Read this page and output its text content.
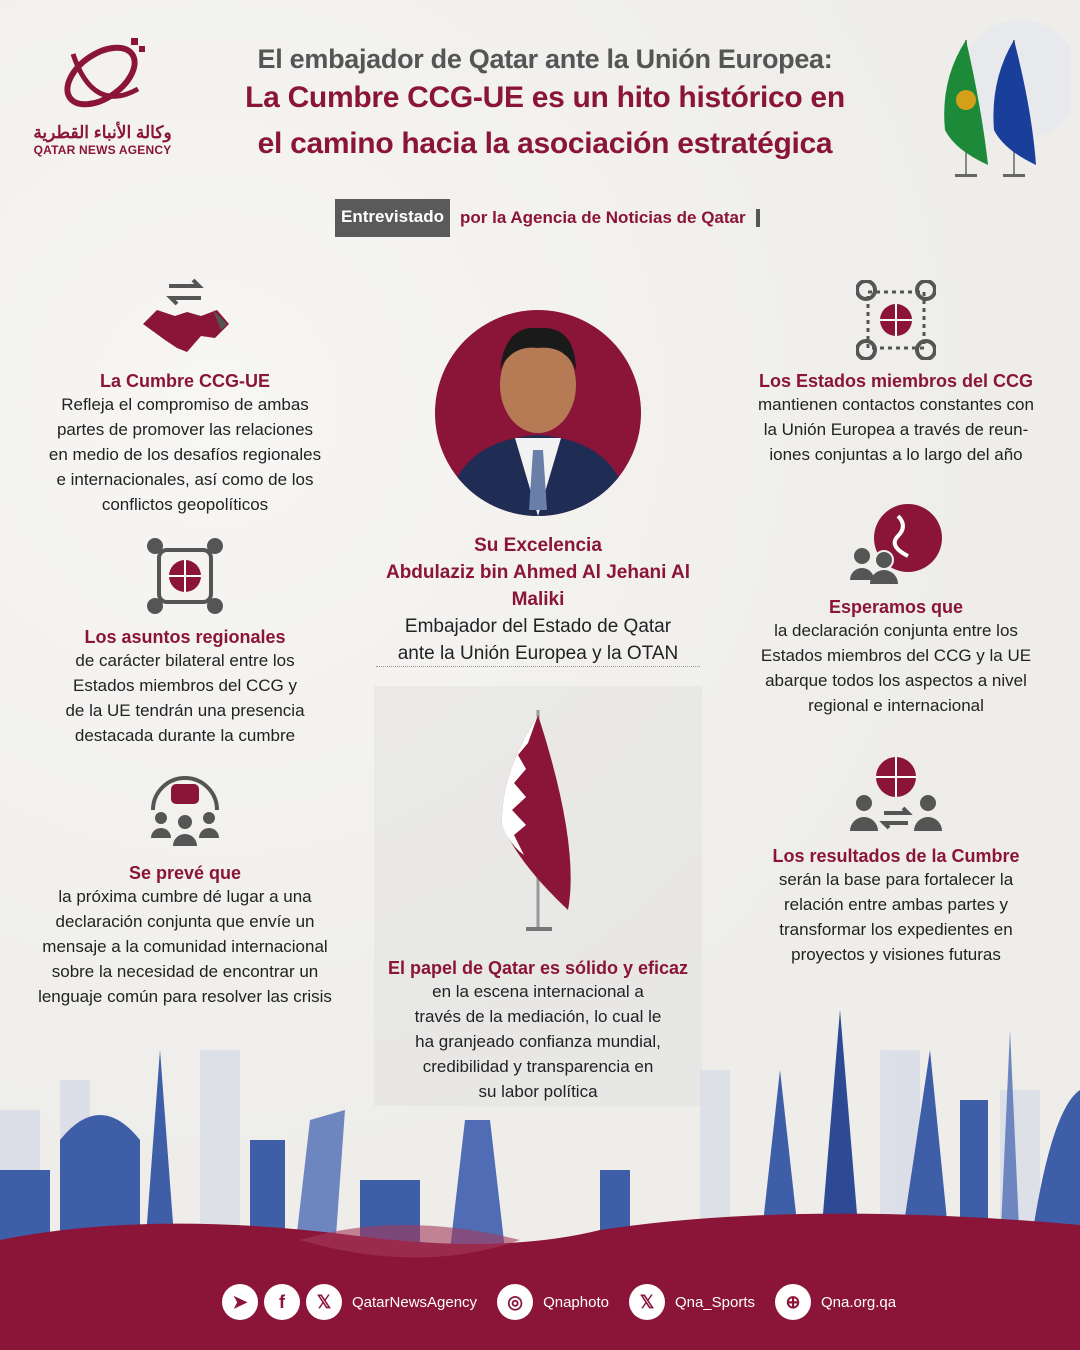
وكالة الأنباء القطرية
QATAR NEWS AGENCY
El embajador de Qatar ante la Unión Europea:
La Cumbre CCG-UE es un hito histórico en
el camino hacia la asociación estratégica
Entrevistado por la Agencia de Noticias de Qatar
La Cumbre CCG-UE
Refleja el compromiso de ambas
partes de promover las relaciones
en medio de los desafíos regionales
e internacionales, así como de los
conflictos geopolíticos
Los asuntos regionales
de carácter bilateral entre los
Estados miembros del CCG y
de la UE tendrán una presencia
destacada durante la cumbre
Se prevé que
la próxima cumbre dé lugar a una
declaración conjunta que envíe un
mensaje a la comunidad internacional
sobre la necesidad de encontrar un
lenguaje común para resolver las crisis
Su Excelencia
Abdulaziz bin Ahmed Al Jehani Al Maliki
Embajador del Estado de Qatar
ante la Unión Europea y la OTAN
El papel de Qatar es sólido y eficaz
en la escena internacional a
través de la mediación, lo cual le
ha granjeado confianza mundial,
credibilidad y transparencia en
su labor política
Los Estados miembros del CCG
mantienen contactos constantes con
la Unión Europea a través de reun-
iones conjuntas a lo largo del año
Esperamos que
la declaración conjunta entre los
Estados miembros del CCG y la UE
abarque todos los aspectos a nivel
regional e internacional
Los resultados de la Cumbre
serán la base para fortalecer la
relación entre ambas partes y
transformar los expedientes en
proyectos y visiones futuras
➤	f	𝕏	QatarNewsAgency	◎	Qnaphoto	𝕏	Qna_Sports	⊕	Qna.org.qa
